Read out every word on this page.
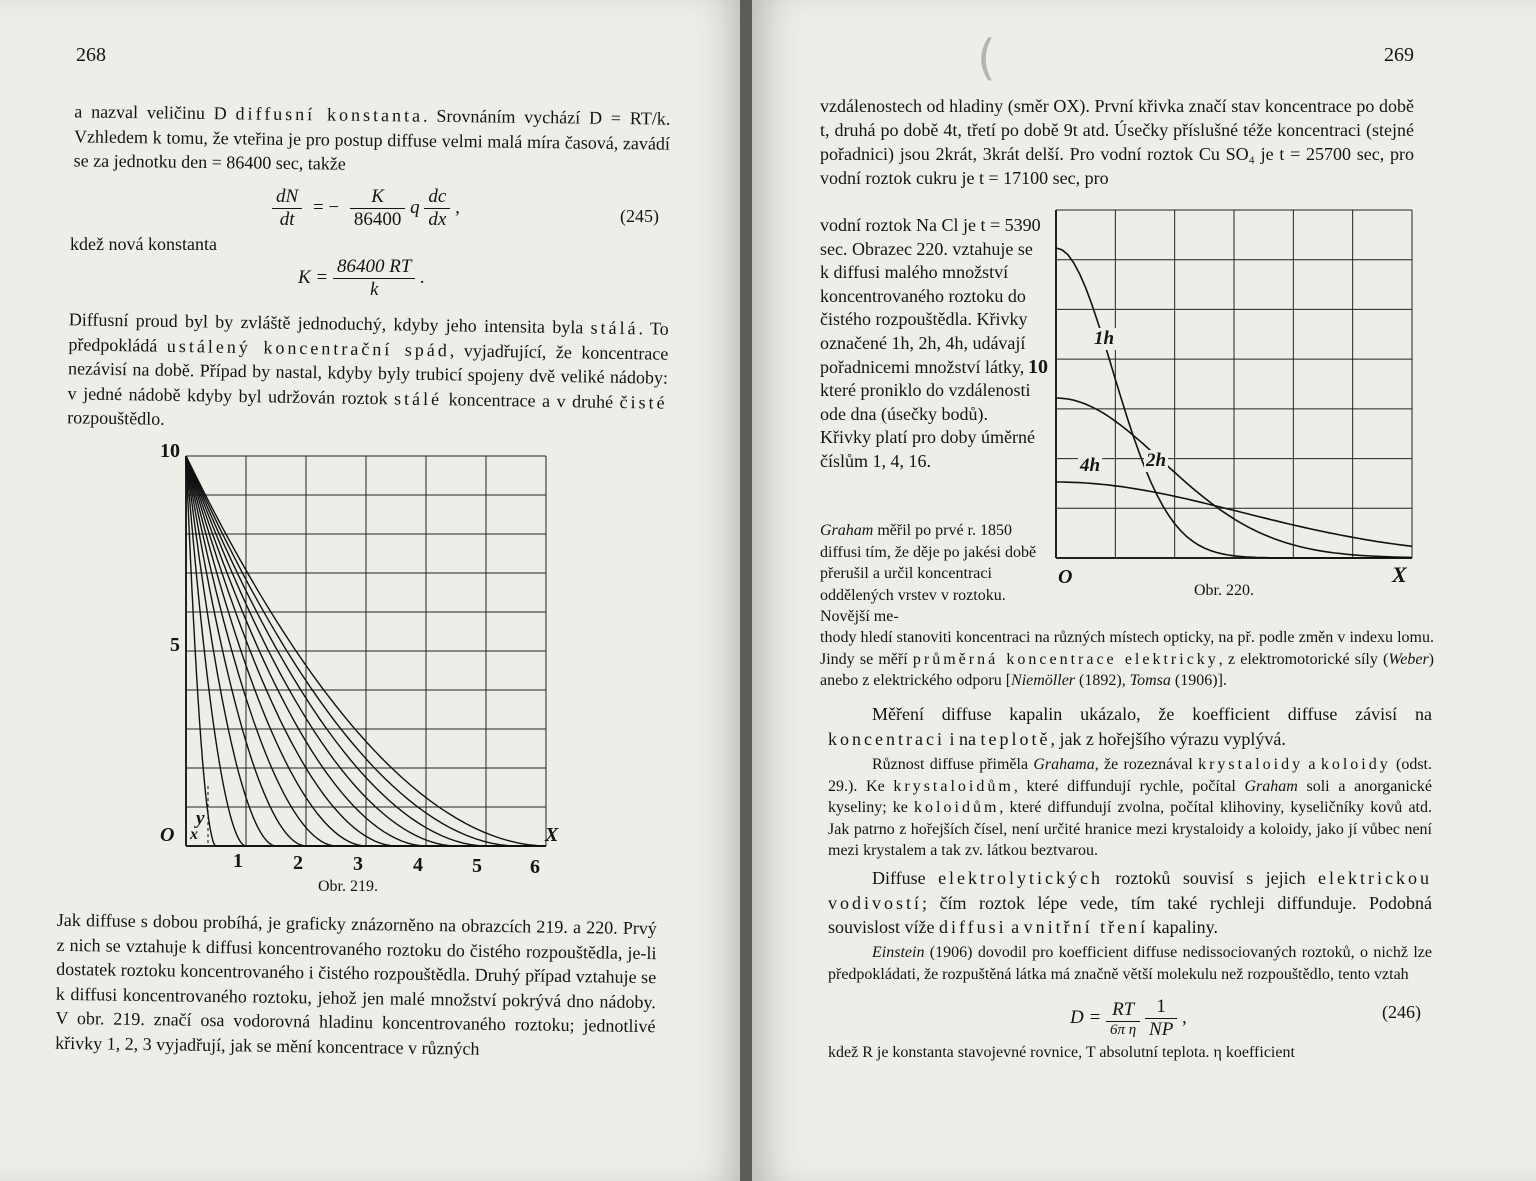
268

a nazval veličinu D diffusní konstanta. Srovnáním vychází D = RT/k. Vzhledem k tomu, že vteřina je pro postup diffuse velmi malá míra časová, zavádí se za jednotku den = 86400 sec, takže

$\frac{dN}{dt}$ = − $\frac{K}{86400}$ q $\frac{dc}{dx}$ ,	(245)

kdež nová konstanta

$K = \frac{86400 RT}{k}$ .

Diffusní proud byl by zvláště jednoduchý, kdyby jeho intensita byla stálá. To předpokládá ustálený koncentrační spád, vyjadřující, že koncentrace nezávisí na době. Případ by nastal, kdyby byly trubicí spojeny dvě veliké nádoby: v jedné nádobě kdyby byl udržován roztok stálé koncentrace a v druhé čisté rozpouštědlo.

10
5
O	X
y
x
1	2	3	4 5 6
Obr. 219.

Jak diffuse s dobou probíhá, je graficky znázorněno na obrazcích 219. a 220. Prvý z nich se vztahuje k diffusi koncentrovaného roztoku do čistého rozpouštědla, je-li dostatek roztoku koncentrovaného i čistého rozpouštědla. Druhý případ vztahuje se k diffusi koncentrovaného roztoku, jehož jen malé množství pokrývá dno nádoby. V obr. 219. značí osa vodorovná hladinu koncentrovaného roztoku; jednotlivé křivky 1, 2, 3 vyjadřují, jak se mění koncentrace v různých

(	269

vzdálenostech od hladiny (směr OX). První křivka značí stav koncentrace po době t, druhá po době 4t, třetí po době 9t atd. Úsečky příslušné téže koncentraci (stejné pořadnici) jsou 2krát, 3krát delší. Pro vodní roztok Cu SO₄ je t = 25700 sec, pro vodní roztok cukru je t = 17100 sec, pro

vodní roztok Na Cl je t = 5390 sec. Obrazec 220. vztahuje se k diffusi malého množství koncentrovaného roztoku do čistého rozpouštědla. Křivky označené 1h, 2h, 4h, udávají pořadnicemi množství látky, které proniklo do vzdálenosti ode dna (úsečky bodů). Křivky platí pro doby úměrné číslům 1, 4, 16.

Graham měřil po prvé r. 1850 diffusi tím, že děje po jakési době přerušil a určil koncentraci oddělených vrstev v roztoku. Novější me-

thody hledí stanoviti koncentraci na různých místech opticky, na př. podle změn v indexu lomu. Jindy se měří průměrná koncentrace elektricky, z elektromotorické síly (Weber) anebo z elektrického odporu [Niemöller (1892), Tomsa (1906)].

10
O	X
1h
2h
4h
Obr. 220.

Měření diffuse kapalin ukázalo, že koefficient diffuse závisí na koncentraci i na teplotě, jak z hořejšího výrazu vyplývá.

Různost diffuse přiměla Grahama, že rozeznával krystaloidy a koloidy (odst. 29.). Ke krystaloidům, které diffundují rychle, počítal Graham soli a anorganické kyseliny; ke koloidům, které diffundují zvolna, počítal klihoviny, kyseličníky kovů atd. Jak patrno z hořejších čísel, není určité hranice mezi krystaloidy a koloidy, jako jí vůbec není mezi krystalem a tak zv. látkou beztvarou.

Diffuse elektrolytických roztoků souvisí s jejich elektrickou vodivostí; čím roztok lépe vede, tím také rychleji diffunduje. Podobná souvislost víže diffusi a vnitřní tření kapaliny.

Einstein (1906) dovodil pro koefficient diffuse nedissociovaných roztoků, o nichž lze předpokládati, že rozpuštěná látka má značně větší molekulu než rozpouštědlo, tento vztah

$D = \frac{RT}{\text{6π η}}$
$\frac{1}{NP}$ ,	(246)

kdež R je konstanta stavojevné rovnice, T absolutní teplota. η koefficient
